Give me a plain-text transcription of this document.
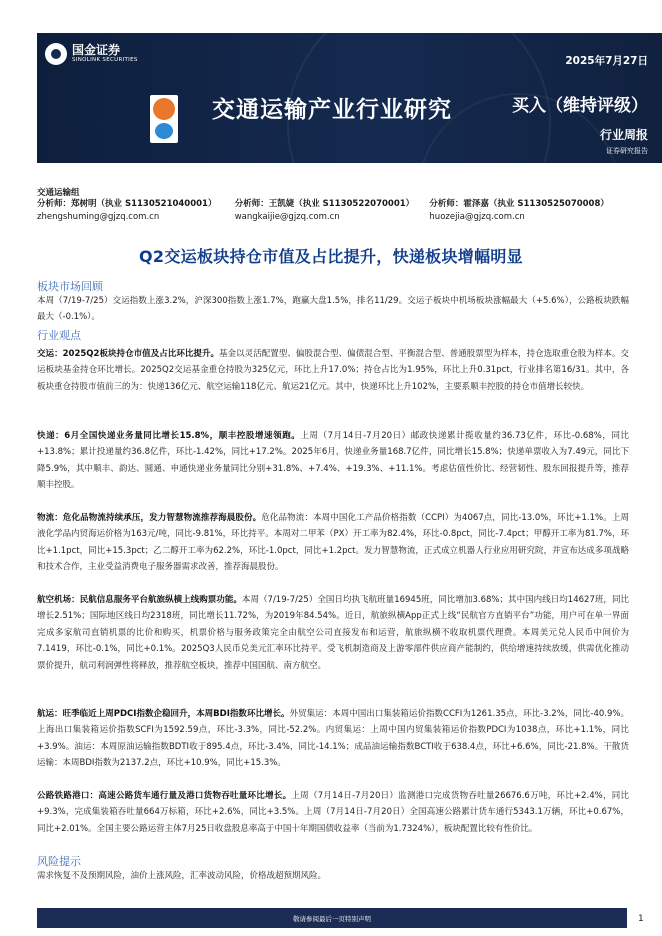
国金证券
SINOLINK SECURITIES
交通运输产业行业研究
2025年7月27日
买入（维持评级）
行业周报
证券研究报告
交通运输组
分析师：郑树明（执业 S1130521040001）
zhengshuming@gjzq.com.cn
分析师：王凯婕（执业 S1130522070001）
wangkaijie@gjzq.com.cn
分析师：霍泽嘉（执业 S1130525070008）
huozejia@gjzq.com.cn
Q2交运板块持仓市值及占比提升，快递板块增幅明显
板块市场回顾
本周（7/19-7/25）交运指数上涨3.2%，沪深300指数上涨1.7%，跑赢大盘1.5%，排名11/29。交运子板块中机场板块涨幅最大（+5.6%），公路板块跌幅最大（-0.1%）。
行业观点
交运：2025Q2板块持仓市值及占比环比提升。基金以灵活配置型、偏股混合型、偏债混合型、平衡混合型、普通股票型为样本，持仓选取重仓股为样本。交运板块基金持仓环比增长。2025Q2交运基金重仓持股为325亿元，环比上升17.0%；持仓占比为1.95%，环比上升0.31pct，行业排名第16/31。其中，各板块重仓持股市值前三的为：快递136亿元、航空运输118亿元、航运21亿元。其中，快递环比上升102%，主要系顺丰控股的持仓市值增长较快。
快递：6月全国快递业务量同比增长15.8%，顺丰控股增速领跑。上周（7月14日-7月20日）邮政快递累计揽收量约36.73亿件，环比-0.68%，同比+13.8%；累计投递量约36.8亿件，环比-1.42%，同比+17.2%。2025年6月，快递业务量168.7亿件，同比增长15.8%；快递单票收入为7.49元，同比下降5.9%，其中顺丰、韵达、圆通、申通快递业务量同比分别+31.8%、+7.4%、+19.3%、+11.1%。考虑估值性价比、经营韧性、股东回报提升等，推荐顺丰控股。
物流：危化品物流持续承压，发力智慧物流推荐海晨股份。危化品物流：本周中国化工产品价格指数（CCPI）为4067点，同比-13.0%，环比+1.1%。上周液化学品内贸海运价格为163元/吨，同比-9.81%，环比持平。本周对二甲苯（PX）开工率为82.4%，环比-0.8pct，同比-7.4pct；甲醇开工率为81.7%，环比+1.1pct，同比+15.3pct；乙二醇开工率为62.2%，环比-1.0pct，同比+1.2pct。发力智慧物流，正式成立机器人行业应用研究院，并宣布达成多项战略和技术合作，主业受益消费电子服务器需求改善，推荐海晨股份。
航空机场：民航信息服务平台航旅纵横上线购票功能。本周（7/19-7/25）全国日均执飞航班量16945班，同比增加3.68%；其中国内线日均14627班，同比增长2.51%；国际地区线日均2318班，同比增长11.72%，为2019年84.54%。近日，航旅纵横App正式上线“民航官方直销平台”功能，用户可在单一界面完成多家航司直销机票的比价和购买，机票价格与服务政策完全由航空公司直接发布和运营，航旅纵横不收取机票代理费。本周美元兑人民币中间价为7.1419，环比-0.1%，同比+0.1%。2025Q3人民币兑美元汇率环比持平。受飞机制造商及上游零部件供应商产能制约，供给增速持续放缓，供需优化推动票价提升，航司利润弹性将释放，推荐航空板块，推荐中国国航、南方航空。
航运：旺季临近上周PDCI指数企稳回升，本周BDI指数环比增长。外贸集运：本周中国出口集装箱运价指数CCFI为1261.35点，环比-3.2%，同比-40.9%。上海出口集装箱运价指数SCFI为1592.59点，环比-3.3%，同比-52.2%。内贸集运：上周中国内贸集装箱运价指数PDCI为1038点，环比+1.1%，同比+3.9%。油运：本周原油运输指数BDTI收于895.4点，环比-3.4%，同比-14.1%；成品油运输指数BCTI收于638.4点，环比+6.6%，同比-21.8%。干散货运输：本周BDI指数为2137.2点，环比+10.9%，同比+15.3%。
公路铁路港口：高速公路货车通行量及港口货物吞吐量环比增长。上周（7月14日-7月20日）监测港口完成货物吞吐量26676.6万吨，环比+2.4%，同比+9.3%，完成集装箱吞吐量664万标箱，环比+2.6%，同比+3.5%。上周（7月14日-7月20日）全国高速公路累计货车通行5343.1万辆，环比+0.67%，同比+2.01%。全国主要公路运营主体7月25日收盘股息率高于中国十年期国债收益率（当前为1.7324%），板块配置比较有性价比。
风险提示
需求恢复不及预期风险，油价上涨风险，汇率波动风险，价格战超预期风险。
敬请参阅最后一页特别声明	1
